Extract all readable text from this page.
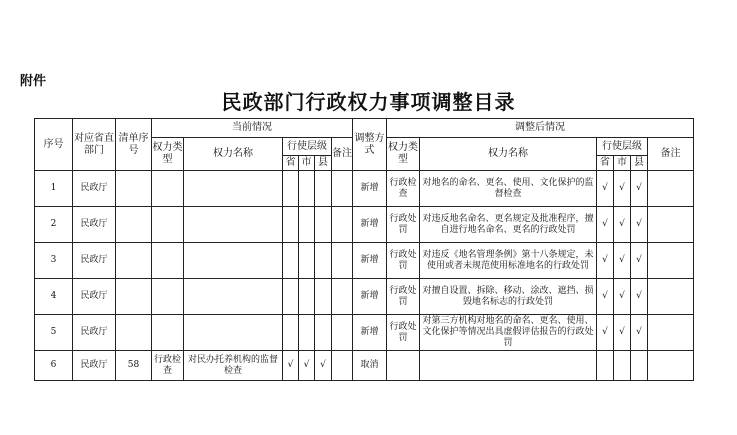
附件
民政部门行政权力事项调整目录
序号	对应省直部门	清单序号	当前情况						调整方式	调整后情况					
			权力类型	权力名称	行使层级			备注		权力类型	权力名称	行使层级			备注
					省	市	县					省	市	县	
1	民政厅								新增	行政检查	对地名的命名、更名、使用、文化保护的监督检查	√	√	√	
2	民政厅								新增	行政处罚	对违反地名命名、更名规定及批准程序，擅自进行地名命名、更名的行政处罚	√	√	√	
3	民政厅								新增	行政处罚	对违反《地名管理条例》第十八条规定，未使用或者未规范使用标准地名的行政处罚	√	√	√	
4	民政厅								新增	行政处罚	对擅自设置、拆除、移动、涂改、遮挡、损毁地名标志的行政处罚	√	√	√	
5	民政厅								新增	行政处罚	对第三方机构对地名的命名、更名、使用、文化保护等情况出具虚假评估报告的行政处罚	√	√	√	
6	民政厅	58	行政检查	对民办托养机构的监督检查	√	√	√		取消						
